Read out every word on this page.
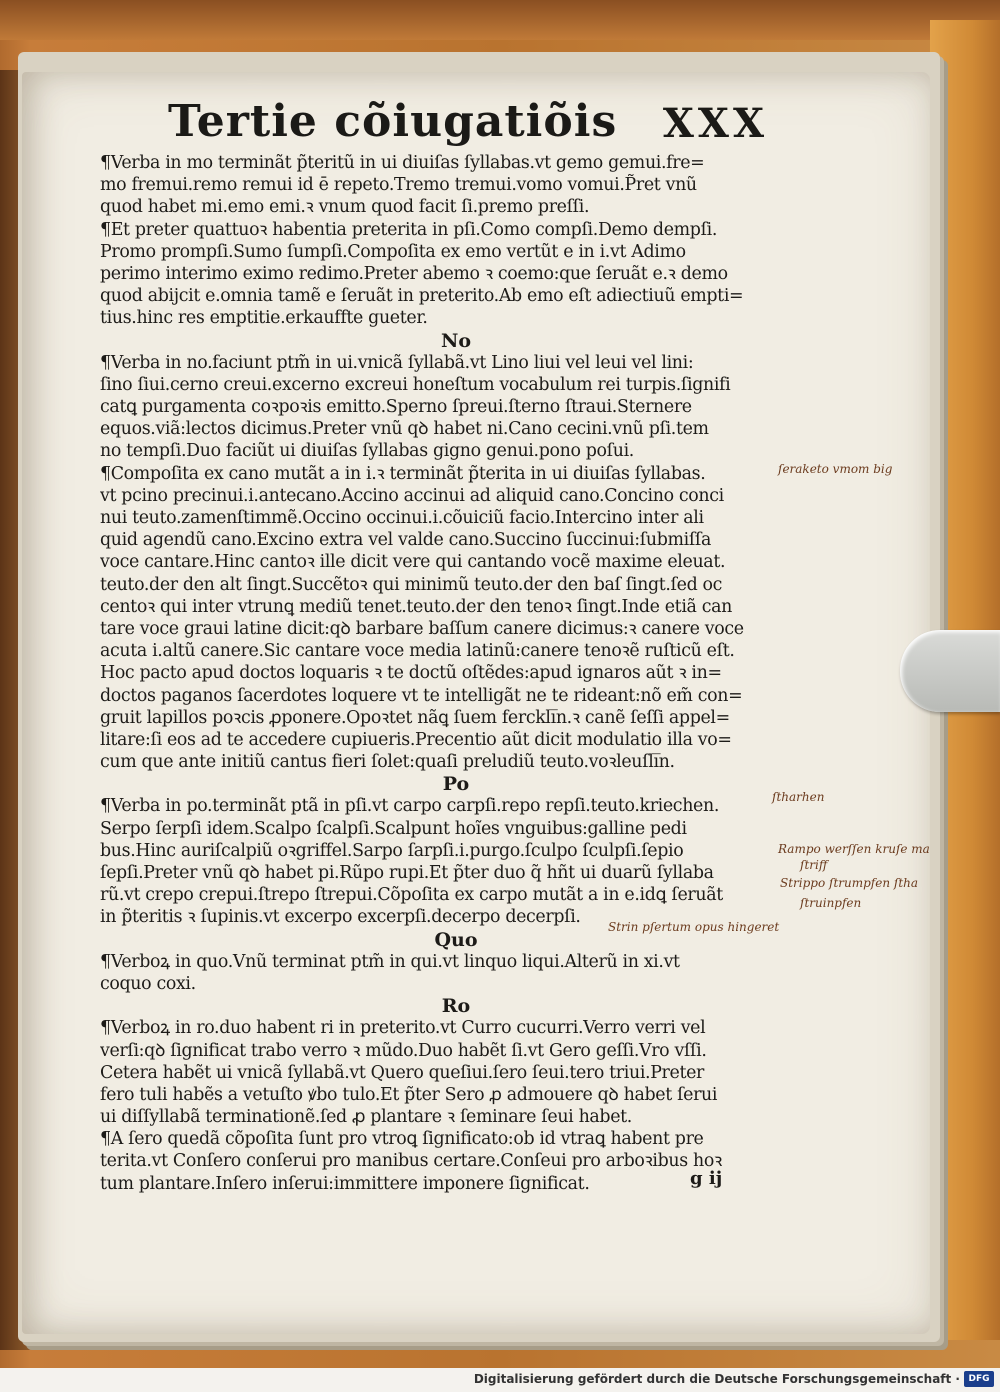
Tertie cõiugatiõis XXX
¶Verba in mo terminãt p̃teritũ in ui diuiſas ſyllabas.vt gemo gemui.fre=
mo fremui.remo remui id ē repeto.Tremo tremui.vomo vomui.P̃ret vnũ
quod habet mi.emo emi.ꝛ vnum quod facit ſi.premo preſſi.
¶Et preter quattuoꝛ habentia preterita in pſi.Como compſi.Demo dempſi.
Promo prompſi.Sumo ſumpſi.Compoſita ex emo vertũt e in i.vt Adimo
perimo interimo eximo redimo.Preter abemo ꝛ coemo:que ſeruãt e.ꝛ demo
quod abijcit e.omnia tamẽ e ſeruãt in preterito.Ab emo eſt adiectiuũ empti=
tius.hinc res emptitie.erkauffte gueter.
No
¶Verba in no.faciunt ptm̃ in ui.vnicã ſyllabã.vt Lino liui vel leui vel lini:
ſino ſiui.cerno creui.excerno excreui honeſtum vocabulum rei turpis.ſignifi
catꝗ purgamenta coꝛpoꝛis emitto.Sperno ſpreui.ſterno ſtraui.Sternere
equos.viã:lectos dicimus.Preter vnũ qꝺ habet ni.Cano cecini.vnũ pſi.tem
no tempſi.Duo faciũt ui diuiſas ſyllabas gigno genui.pono poſui.
¶Compoſita ex cano mutãt a in i.ꝛ terminãt p̃terita in ui diuiſas ſyllabas.
vt pcino precinui.i.antecano.Accino accinui ad aliquid cano.Concino conci
nui teuto.zamenſtimmẽ.Occino occinui.i.cõuiciũ facio.Intercino inter ali
quid agendũ cano.Excino extra vel valde cano.Succino ſuccinui:ſubmiſſa
voce cantare.Hinc cantoꝛ ille dicit vere qui cantando vocẽ maxime eleuat.
teuto.der den alt ſingt.Succẽtoꝛ qui minimũ teuto.der den baſ ſingt.ſed oc
centoꝛ qui inter vtrunꝗ mediũ tenet.teuto.der den tenoꝛ ſingt.Inde etiã can
tare voce graui latine dicit:qꝺ barbare baſſum canere dicimus:ꝛ canere voce
acuta i.altũ canere.Sic cantare voce media latinũ:canere tenoꝛẽ ruſticũ eſt.
Hoc pacto apud doctos loquaris ꝛ te doctũ oſtẽdes:apud ignaros aũt ꝛ in=
doctos paganos ſacerdotes loquere vt te intelligãt ne te rideant:nõ em̃ con=
gruit lapillos poꝛcis ꝓponere.Opoꝛtet nãꝗ ſuem ferckli̅n.ꝛ canẽ ſeſſi appel=
litare:ſi eos ad te accedere cupiueris.Precentio aũt dicit modulatio illa vo=
cum que ante initiũ cantus fieri ſolet:quaſi preludiũ teuto.voꝛleuſli̅n.
Po
¶Verba in po.terminãt ptã in pſi.vt carpo carpſi.repo repſi.teuto.kriechen.
Serpo ſerpſi idem.Scalpo ſcalpſi.Scalpunt hoĩes vnguibus:galline pedi
bus.Hinc auriſcalpiũ oꝛgriffel.Sarpo ſarpſi.i.purgo.ſculpo ſculpſi.ſepio
ſepſi.Preter vnũ qꝺ habet pi.Rũpo rupi.Et p̃ter duo q̃ hñt ui duarũ ſyllaba
rũ.vt crepo crepui.ſtrepo ſtrepui.Cõpoſita ex carpo mutãt a in e.idꝗ ſeruãt
in p̃teritis ꝛ ſupinis.vt excerpo excerpſi.decerpo decerpſi.
Quo
¶Verboꝝ in quo.Vnũ terminat ptm̃ in qui.vt linquo liqui.Alterũ in xi.vt
coquo coxi.
Ro
¶Verboꝝ in ro.duo habent ri in preterito.vt Curro cucurri.Verro verri vel
verſi:qꝺ ſignificat trabo verro ꝛ mũdo.Duo habẽt ſi.vt Gero geſſi.Vro vſſi.
Cetera habẽt ui vnicã ſyllabã.vt Quero queſiui.ſero ſeui.tero triui.Preter
fero tuli habẽs a vetuſto ꝟbo tulo.Et p̃ter Sero ꝓ admouere qꝺ habet ſerui
ui diſſyllabã terminationẽ.ſed ꝓ plantare ꝛ ſeminare ſeui habet.
¶A ſero quedã cõpoſita ſunt pro vtroꝗ ſignificato:ob id vtraꝗ habent pre
terita.vt Conſero conſerui pro manibus certare.Conſeui pro arboꝛibus hoꝛ
tum plantare.Inſero inſerui:immittere imponere ſignificat.
ſeraketo vmom big
ſtharhen
Rampo werſſen kruſe ma
ſtriff
Strippo ſtrumpfen ſtha
ſtruinpfen
Strin pſertum opus hingeret
g ij
Digitalisierung gefördert durch die Deutsche Forschungsgemeinschaft · DFG
